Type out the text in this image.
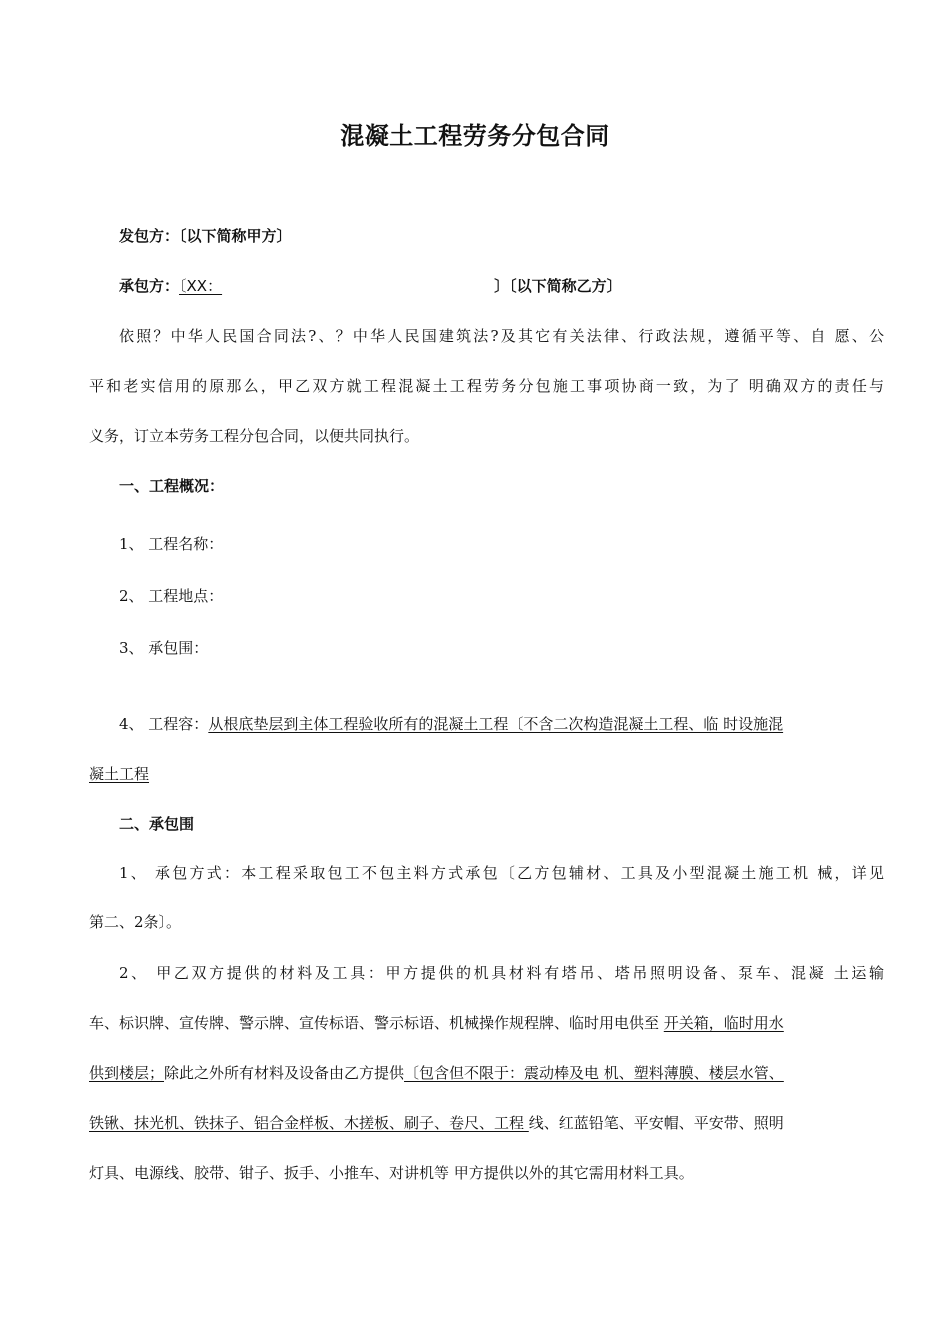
混凝土工程劳务分包合同
发包方：〔以下简称甲方〕
承包方：〔XX：	〕〔以下简称乙方〕
依照？中华人民国合同法?、？中华人民国建筑法?及其它有关法律、行政法规，遵循平等、自 愿、公
平和老实信用的原那么，甲乙双方就工程混凝土工程劳务分包施工事项协商一致，为了 明确双方的责任与
义务，订立本劳务工程分包合同，以便共同执行。
一、工程概况：
1、 工程名称：
2、 工程地点：
3、 承包围：
4、 工程容：从根底垫层到主体工程验收所有的混凝土工程〔不含二次构造混凝土工程、临 时设施混
凝土工程
二、承包围
1、 承包方式：本工程采取包工不包主料方式承包〔乙方包辅材、工具及小型混凝土施工机 械，详见
第二、2条〕。
2、 甲乙双方提供的材料及工具：甲方提供的机具材料有塔吊、塔吊照明设备、泵车、混凝 土运输
车、标识牌、宣传牌、警示牌、宣传标语、警示标语、机械操作规程牌、临时用电供至 开关箱，临时用水
供到楼层；除此之外所有材料及设备由乙方提供〔包含但不限于：震动棒及电 机、塑料薄膜、楼层水管、
铁锹、抹光机、铁抹子、铝合金样板、木搓板、刷子、卷尺、工程 线、红蓝铅笔、平安帽、平安带、照明
灯具、电源线、胶带、钳子、扳手、小推车、对讲机等 甲方提供以外的其它需用材料工具。
